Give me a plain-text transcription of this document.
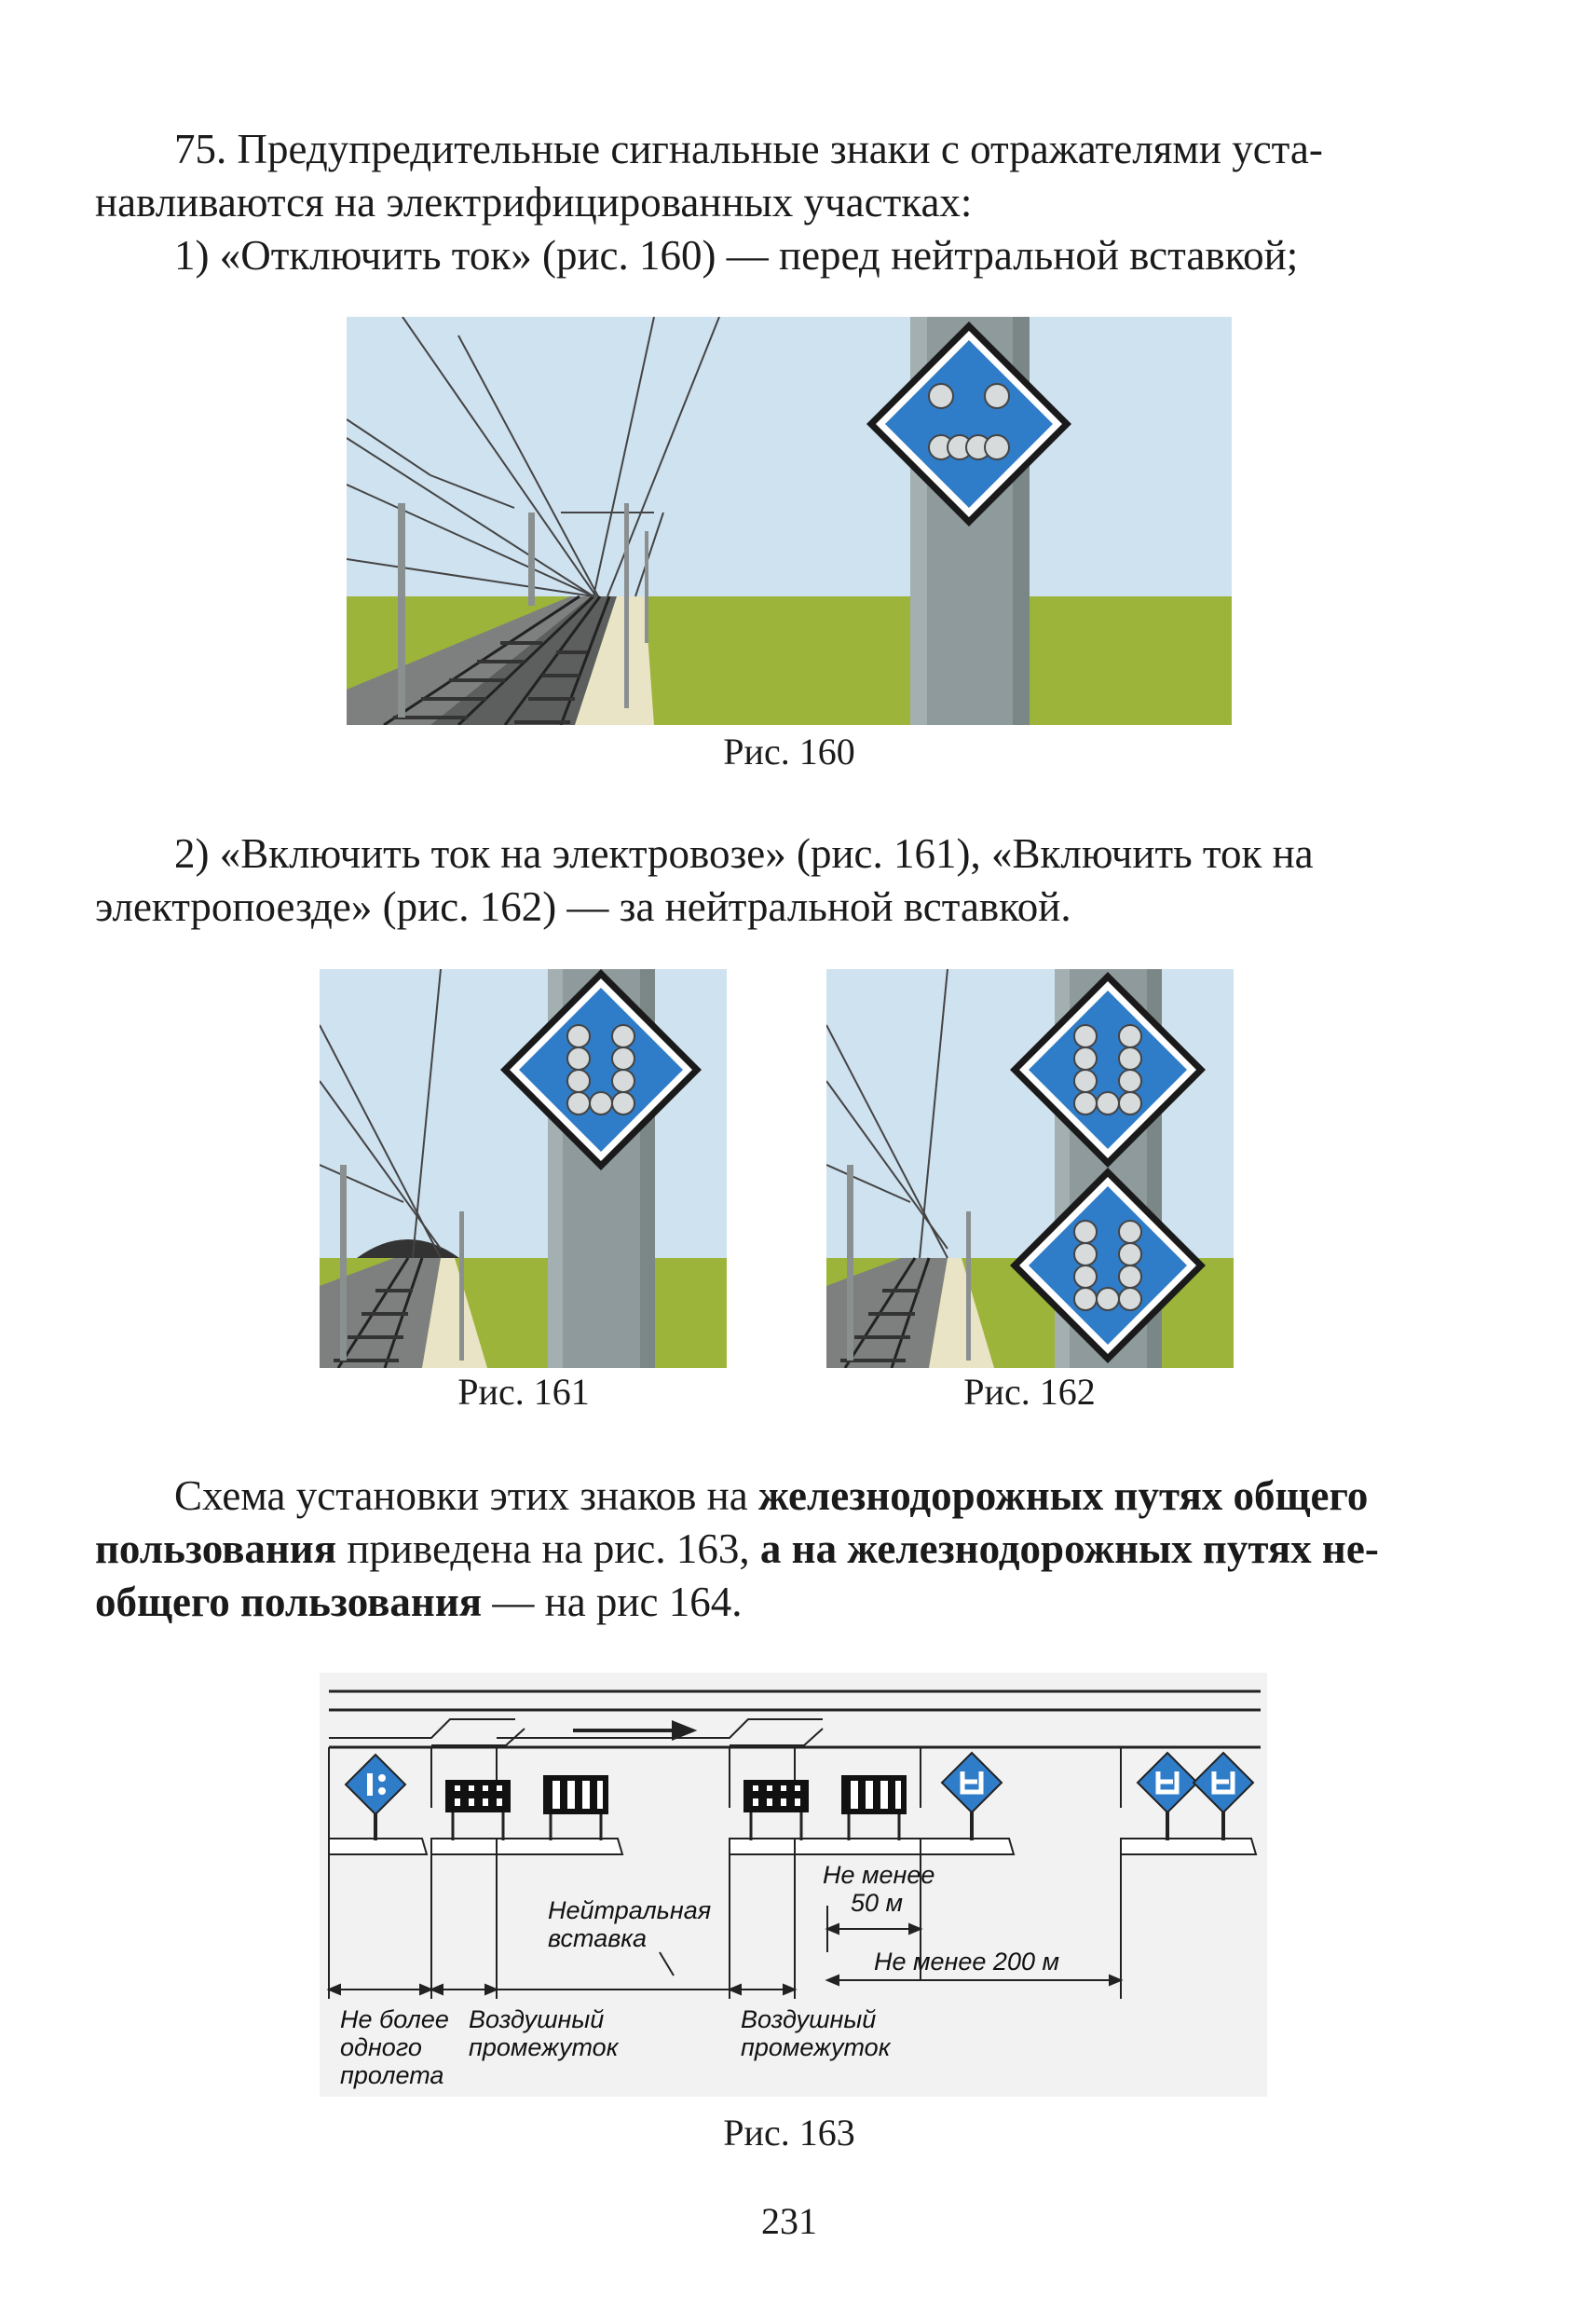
75. Предупредительные сигнальные знаки с отражателями уста-
навливаются на электрифицированных участках:
1) «Отключить ток» (рис. 160) — перед нейтральной вставкой;
Рис. 160
2) «Включить ток на электровозе» (рис. 161), «Включить ток на
электропоезде» (рис. 162) — за нейтральной вставкой.
Рис. 161	Рис. 162
Схема установки этих знаков на железнодорожных путях общего
пользования приведена на рис. 163, а на железнодорожных путях не-
общего пользования — на рис 164.
Не менее
50 м
Нейтральная
вставка
Не менее 200 м
Не более
одного
пролета
Воздушный
промежуток
Воздушный
промежуток
Рис. 163
231
